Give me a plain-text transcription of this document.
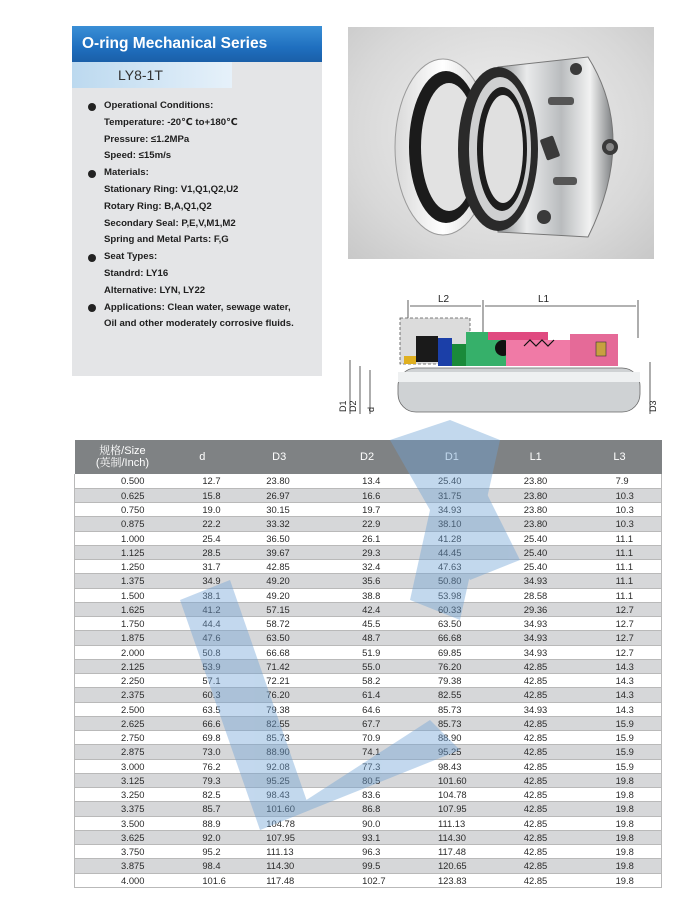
O-ring Mechanical Series
LY8-1T
Operational Conditions:
Temperature: -20℃ to+180℃
Pressure: ≤1.2MPa
Speed: ≤15m/s
Materials:
Stationary Ring: V1,Q1,Q2,U2
Rotary Ring: B,A,Q1,Q2
Secondary Seal: P,E,V,M1,M2
Spring and Metal Parts: F,G
Seat Types:
Standrd: LY16
Alternative: LYN, LY22
Applications: Clean water, sewage water,
Oil and other moderately corrosive fluids.
L2	L1
D1 D2 d	D3
规格/Size
(英制/Inch)	d	D3	D2	D1	L1	L3
0.500	12.7	23.80	13.4	25.40	23.80	7.9
0.625	15.8	26.97	16.6	31.75	23.80	10.3
0.750	19.0	30.15	19.7	34.93	23.80	10.3
0.875	22.2	33.32	22.9	38.10	23.80	10.3
1.000	25.4	36.50	26.1	41.28	25.40	11.1
1.125	28.5	39.67	29.3	44.45	25.40	11.1
1.250	31.7	42.85	32.4	47.63	25.40	11.1
1.375	34.9	49.20	35.6	50.80	34.93	11.1
1.500	38.1	49.20	38.8	53.98	28.58	11.1
1.625	41.2	57.15	42.4	60.33	29.36	12.7
1.750	44.4	58.72	45.5	63.50	34.93	12.7
1.875	47.6	63.50	48.7	66.68	34.93	12.7
2.000	50.8	66.68	51.9	69.85	34.93	12.7
2.125	53.9	71.42	55.0	76.20	42.85	14.3
2.250	57.1	72.21	58.2	79.38	42.85	14.3
2.375	60.3	76.20	61.4	82.55	42.85	14.3
2.500	63.5	79.38	64.6	85.73	34.93	14.3
2.625	66.6	82.55	67.7	85.73	42.85	15.9
2.750	69.8	85.73	70.9	88.90	42.85	15.9
2.875	73.0	88.90	74.1	95.25	42.85	15.9
3.000	76.2	92.08	77.3	98.43	42.85	15.9
3.125	79.3	95.25	80.5	101.60	42.85	19.8
3.250	82.5	98.43	83.6	104.78	42.85	19.8
3.375	85.7	101.60	86.8	107.95	42.85	19.8
3.500	88.9	104.78	90.0	111.13	42.85	19.8
3.625	92.0	107.95	93.1	114.30	42.85	19.8
3.750	95.2	111.13	96.3	117.48	42.85	19.8
3.875	98.4	114.30	99.5	120.65	42.85	19.8
4.000	101.6	117.48	102.7	123.83	42.85	19.8
